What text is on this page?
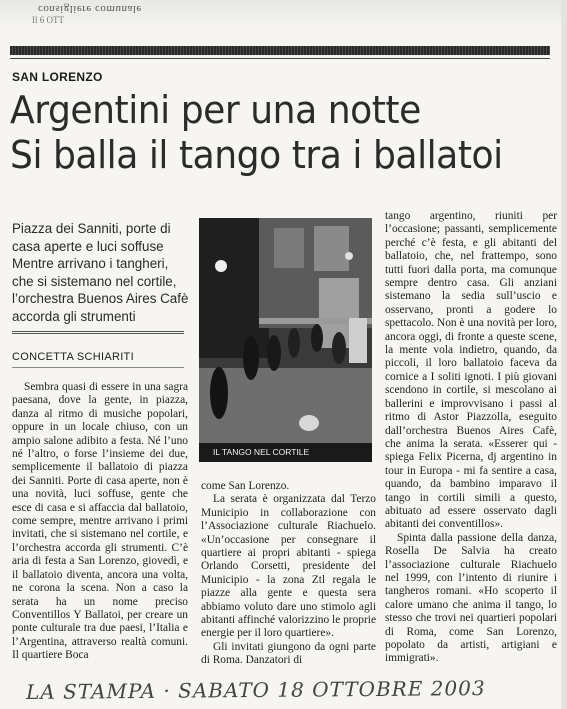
consigliere comunale
Il 6 OTT
SAN LORENZO
Argentini per una notte
Si balla il tango tra i ballatoi
Piazza dei Sanniti, porte di casa aperte e luci soffuse Mentre arrivano i tangheri, che si sistemano nel cortile, l’orchestra Buenos Aires Cafè accorda gli strumenti
CONCETTA SCHIARITI

Sembra quasi di essere in una sagra paesana, dove la gente, in piazza, danza al ritmo di musiche popolari, oppure in un locale chiuso, con un ampio salone adibito a festa. Né l’uno né l’altro, o forse l’insieme dei due, semplicemente il ballatoio di piazza dei Sanniti. Porte di casa aperte, non è una novità, luci soffuse, gente che esce di casa e si affaccia dal ballatoio, come sempre, mentre arrivano i primi invitati, che si sistemano nel cortile, e l’orchestra accorda gli strumenti. C’è aria di festa a San Lorenzo, giovedì, e il ballatoio diventa, ancora una volta, ne corona la scena. Non a caso la serata ha un nome preciso Conventillos Y Ballatoi, per creare un ponte culturale tra due paesi, l’Italia e l’Argentina, attraverso realtà comuni. Il quartiere Boca

IL TANGO NEL CORTILE

come San Lorenzo.

La serata è organizzata dal Terzo Municipio in collaborazione con l’Associazione culturale Riachuelo. «Un’occasione per consegnare il quartiere ai propri abitanti - spiega Orlando Corsetti, presidente del Municipio - la zona Ztl regala le piazze alla gente e questa sera abbiamo voluto dare uno stimolo agli abitanti affinché valorizzino le proprie energie per il loro quartiere».

Gli invitati giungono da ogni parte di Roma. Danzatori di

tango argentino, riuniti per l’occasione; passanti, semplicemente perché c’è festa, e gli abitanti del ballatoio, che, nel frattempo, sono tutti fuori dalla porta, ma comunque sempre dentro casa. Gli anziani sistemano la sedia sull’uscio e osservano, pronti a godere lo spettacolo. Non è una novità per loro, ancora oggi, di fronte a queste scene, la mente vola indietro, quando, da piccoli, il loro ballatoio faceva da cornice a I soliti ignoti. I più giovani scendono in cortile, si mescolano ai ballerini e improvvisano i passi al ritmo di Astor Piazzolla, eseguito dall’orchestra Buenos Aires Cafè, che anima la serata. «Esserer qui - spiega Felix Picerna, dj argentino in tour in Europa - mi fa sentire a casa, quando, da bambino imparavo il tango in cortili simili a questo, abituato ad essere osservato dagli abitanti dei conventillos».

Spinta dalla passione della danza, Rosella De Salvia ha creato l’associazione culturale Riachuelo nel 1999, con l’intento di riunire i tangheros romani. «Ho scoperto il calore umano che anima il tango, lo stesso che trovi nei quartieri popolari di Roma, come San Lorenzo, popolato da artisti, artigiani e immigrati».

LA STAMPA · SABATO 18 OTTOBRE 2003
